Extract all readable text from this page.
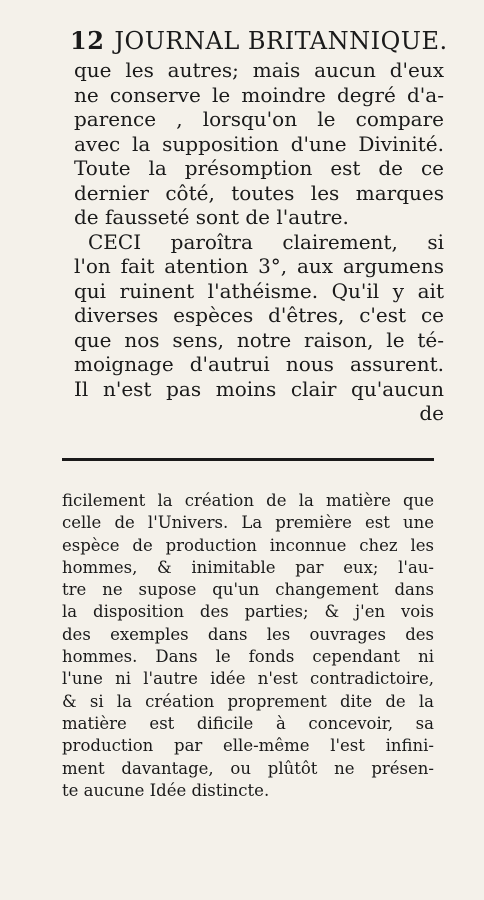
12 JOURNAL BRITANNIQUE.
que les autres; mais aucun d'eux
ne conserve le moindre degré d'a-
parence , lorsqu'on le compare
avec la supposition d'une Divinité.
Toute la présomption est de ce
dernier côté, toutes les marques
de fausseté sont de l'autre.
CECI paroîtra clairement, si
l'on fait atention 3°, aux argumens
qui ruinent l'athéisme. Qu'il y ait
diverses espèces d'êtres, c'est ce
que nos sens, notre raison, le té-
moignage d'autrui nous assurent.
Il n'est pas moins clair qu'aucun
de
ficilement la création de la matière que
celle de l'Univers. La première est une
espèce de production inconnue chez les
hommes, & inimitable par eux; l'au-
tre ne supose qu'un changement dans
la disposition des parties; & j'en vois
des exemples dans les ouvrages des
hommes. Dans le fonds cependant ni
l'une ni l'autre idée n'est contradictoire,
& si la création proprement dite de la
matière est dificile à concevoir, sa
production par elle-même l'est infini-
ment davantage, ou plûtôt ne présen-
te aucune Idée distincte.
